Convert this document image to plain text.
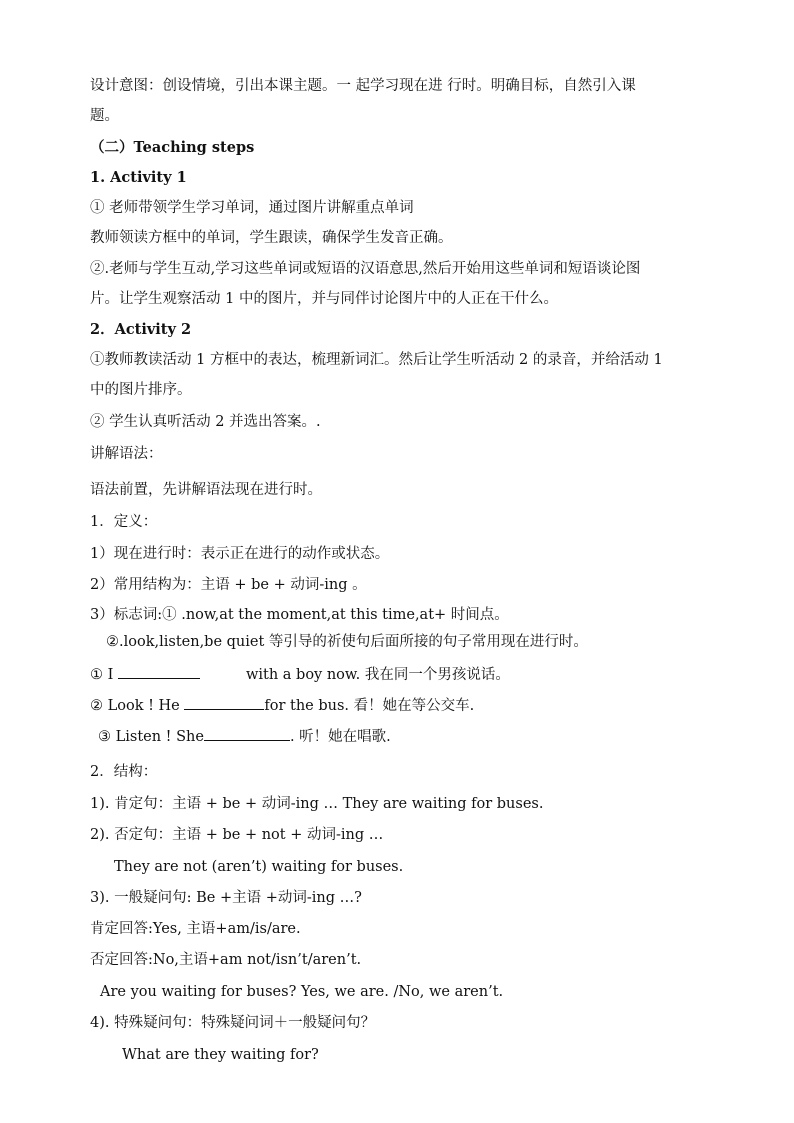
设计意图：创设情境，引出本课主题。一 起学习现在进 行时。明确目标，自然引入课
题。
（二）Teaching steps
1. Activity 1
① 老师带领学生学习单词，通过图片讲解重点单词
教师领读方框中的单词，学生跟读，确保学生发音正确。
②.老师与学生互动,学习这些单词或短语的汉语意思,然后开始用这些单词和短语谈论图
片。让学生观察活动 1 中的图片，并与同伴讨论图片中的人正在干什么。
2．Activity 2
①教师教读活动 1 方框中的表达，梳理新词汇。然后让学生听活动 2 的录音，并给活动 1
中的图片排序。
② 学生认真听活动 2 并选出答案。.
讲解语法：
语法前置，先讲解语法现在进行时。
1．定义：
1）现在进行时：表示正在进行的动作或状态。
2）常用结构为：主语 + be + 动词-ing 。
3）标志词:① .now,at the moment,at this time,at+ 时间点。
②.look,listen,be quiet 等引导的祈使句后面所接的句子常用现在进行时。
① I	with a boy now. 我在同一个男孩说话。
② Look ! He	for the bus. 看！她在等公交车.
③ Listen ! She	. 听！她在唱歌.
2．结构：
1). 肯定句：主语 + be + 动词-ing … They are waiting for buses.
2). 否定句：主语 + be + not + 动词-ing …
They are not (aren’t) waiting for buses.
3). 一般疑问句: Be +主语 +动词-ing …?
肯定回答:Yes, 主语+am/is/are.
否定回答:No,主语+am not/isn’t/aren’t.
Are you waiting for buses? Yes, we are. /No, we aren’t.
4). 特殊疑问句：特殊疑问词＋一般疑问句？
What are they waiting for?
